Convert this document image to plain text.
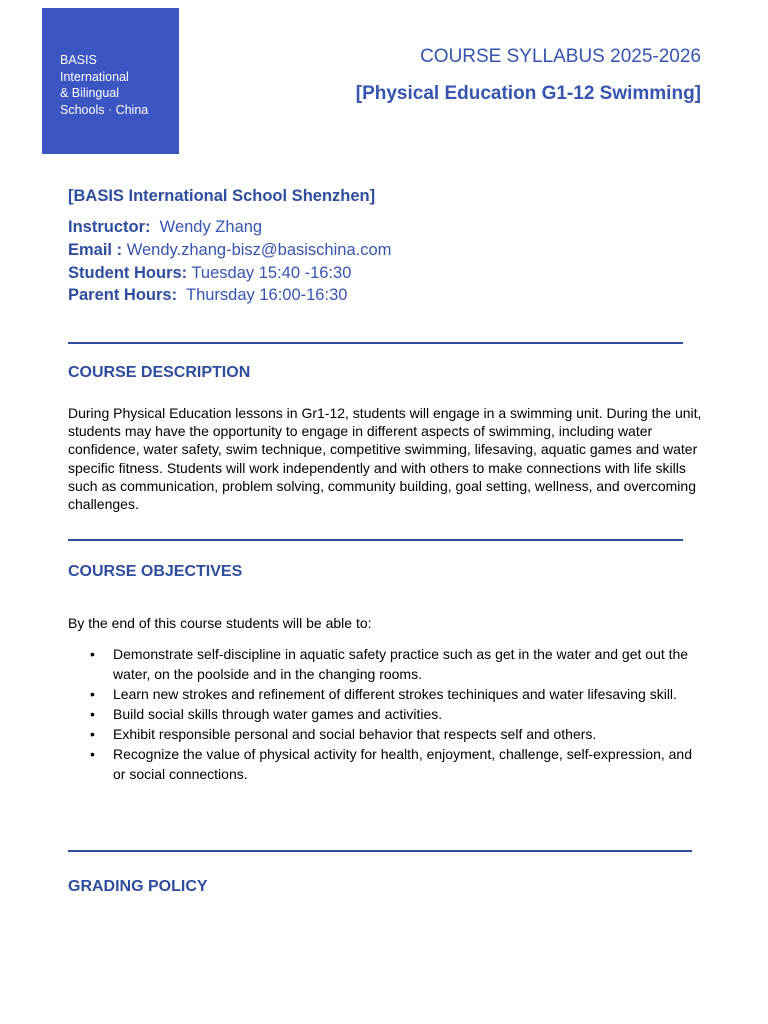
BASIS
International
& Bilingual
Schools · China
COURSE SYLLABUS 2025-2026
[Physical Education G1-12 Swimming]
[BASIS International School Shenzhen]
Instructor: Wendy Zhang
Email : Wendy.zhang-bisz@basischina.com
Student Hours: Tuesday 15:40 -16:30
Parent Hours: Thursday 16:00-16:30
COURSE DESCRIPTION
During Physical Education lessons in Gr1-12, students will engage in a swimming unit. During the unit, students may have the opportunity to engage in different aspects of swimming, including water confidence, water safety, swim technique, competitive swimming, lifesaving, aquatic games and water specific fitness. Students will work independently and with others to make connections with life skills such as communication, problem solving, community building, goal setting, wellness, and overcoming challenges.
COURSE OBJECTIVES
By the end of this course students will be able to:
• Demonstrate self-discipline in aquatic safety practice such as get in the water and get out the water, on the poolside and in the changing rooms.
• Learn new strokes and refinement of different strokes techiniques and water lifesaving skill.
• Build social skills through water games and activities.
• Exhibit responsible personal and social behavior that respects self and others.
• Recognize the value of physical activity for health, enjoyment, challenge, self-expression, and or social connections.
GRADING POLICY
